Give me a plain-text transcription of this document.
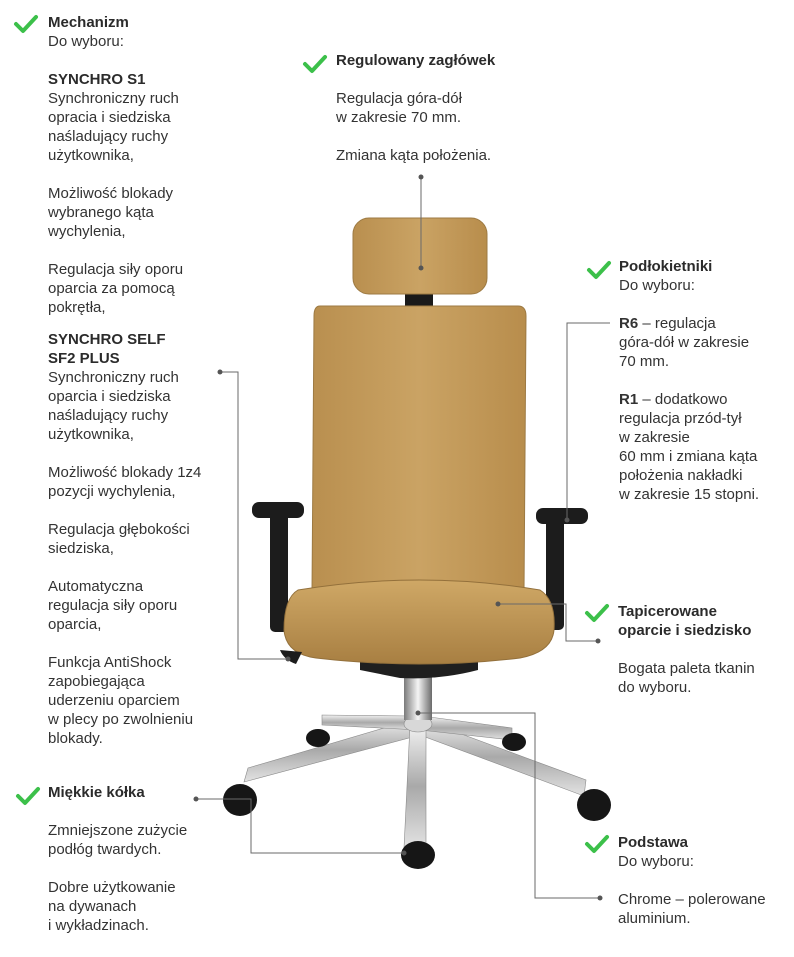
Mechanizm
Do wyboru:
SYNCHRO S1
Synchroniczny ruch
opracia i siedziska
naśladujący ruchy
użytkownika,
Możliwość blokady
wybranego kąta
wychylenia,
Regulacja siły oporu
oparcia za pomocą
pokrętła,
SYNCHRO SELF
SF2 PLUS
Synchroniczny ruch
oparcia i siedziska
naśladujący ruchy
użytkownika,
Możliwość blokady 1z4
pozycji wychylenia,
Regulacja głębokości
siedziska,
Automatyczna
regulacja siły oporu
oparcia,
Funkcja AntiShock
zapobiegająca
uderzeniu oparciem
w plecy po zwolnieniu
blokady.
Regulowany zagłówek
Regulacja góra-dół
w zakresie 70 mm.
Zmiana kąta położenia.
Podłokietniki
Do wyboru:
R6 – regulacja
góra-dół w zakresie
70 mm.
R1 – dodatkowo
regulacja przód-tył
w zakresie
60 mm i zmiana kąta
położenia nakładki
w zakresie 15 stopni.
Tapicerowane
oparcie i siedzisko
Bogata paleta tkanin
do wyboru.
Miękkie kółka
Zmniejszone zużycie
podłóg twardych.
Dobre użytkowanie
na dywanach
i wykładzinach.
Podstawa
Do wyboru:
Chrome – polerowane
aluminium.
